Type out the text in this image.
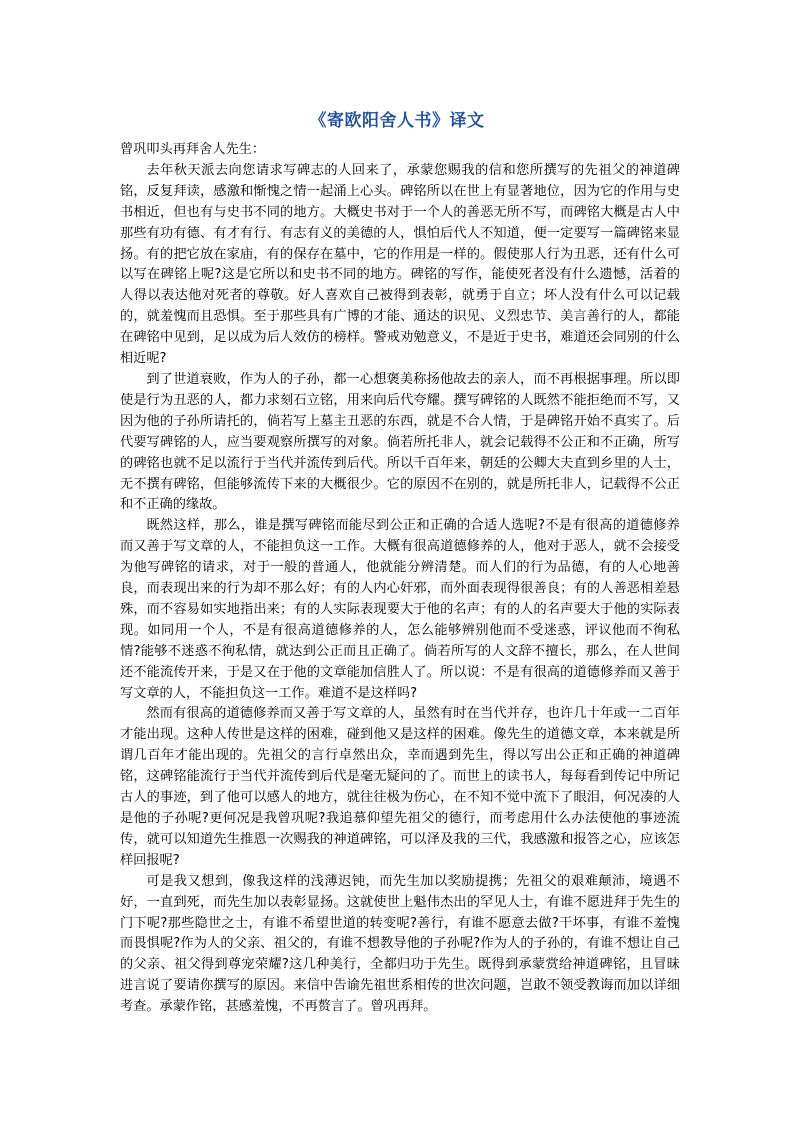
《寄欧阳舍人书》译文

曾巩叩头再拜舍人先生：

去年秋天派去向您请求写碑志的人回来了，承蒙您赐我的信和您所撰写的先祖父的神道碑铭，反复拜读，感激和惭愧之情一起涌上心头。碑铭所以在世上有显著地位，因为它的作用与史书相近，但也有与史书不同的地方。大概史书对于一个人的善恶无所不写，而碑铭大概是古人中那些有功有德、有才有行、有志有义的美德的人，惧怕后代人不知道，便一定要写一篇碑铭来显扬。有的把它放在家庙，有的保存在墓中，它的作用是一样的。假使那人行为丑恶，还有什么可以写在碑铭上呢?这是它所以和史书不同的地方。碑铭的写作，能使死者没有什么遗憾，活着的人得以表达他对死者的尊敬。好人喜欢自己被得到表彰，就勇于自立；坏人没有什么可以记载的，就羞愧而且恐惧。至于那些具有广博的才能、通达的识见、义烈忠节、美言善行的人，都能在碑铭中见到，足以成为后人效仿的榜样。警戒劝勉意义，不是近于史书，难道还会同别的什么相近呢?

到了世道衰败，作为人的子孙，都一心想褒美称扬他故去的亲人，而不再根据事理。所以即使是行为丑恶的人，都力求刻石立铭，用来向后代夸耀。撰写碑铭的人既然不能拒绝而不写，又因为他的子孙所请托的，倘若写上墓主丑恶的东西，就是不合人情，于是碑铭开始不真实了。后代要写碑铭的人，应当要观察所撰写的对象。倘若所托非人，就会记载得不公正和不正确，所写的碑铭也就不足以流行于当代并流传到后代。所以千百年来，朝廷的公卿大夫直到乡里的人士，无不撰有碑铭，但能够流传下来的大概很少。它的原因不在别的，就是所托非人，记载得不公正和不正确的缘故。

既然这样，那么，谁是撰写碑铭而能尽到公正和正确的合适人选呢?不是有很高的道德修养而又善于写文章的人，不能担负这一工作。大概有很高道德修养的人，他对于恶人，就不会接受为他写碑铭的请求，对于一般的普通人，他就能分辨清楚。而人们的行为品德，有的人心地善良，而表现出来的行为却不那么好；有的人内心奸邪，而外面表现得很善良；有的人善恶相差悬殊，而不容易如实地指出来；有的人实际表现要大于他的名声；有的人的名声要大于他的实际表现。如同用一个人，不是有很高道德修养的人，怎么能够辨别他而不受迷惑，评议他而不徇私情?能够不迷惑不徇私情，就达到公正而且正确了。倘若所写的人文辞不擅长，那么，在人世间还不能流传开来，于是又在于他的文章能加信胜人了。所以说：不是有很高的道德修养而又善于写文章的人，不能担负这一工作。难道不是这样吗?

然而有很高的道德修养而又善于写文章的人，虽然有时在当代并存，也许几十年或一二百年才能出现。这种人传世是这样的困难，碰到他又是这样的困难。像先生的道德文章，本来就是所谓几百年才能出现的。先祖父的言行卓然出众，幸而遇到先生，得以写出公正和正确的神道碑铭，这碑铭能流行于当代并流传到后代是毫无疑问的了。而世上的读书人，每每看到传记中所记古人的事迹，到了他可以感人的地方，就往往极为伤心，在不知不觉中流下了眼泪，何况凑的人是他的子孙呢?更何况是我曾巩呢?我追慕仰望先祖父的德行，而考虑用什么办法使他的事迹流传，就可以知道先生推恩一次赐我的神道碑铭，可以泽及我的三代，我感激和报答之心，应该怎样回报呢?

可是我又想到，像我这样的浅薄迟钝，而先生加以奖励提携；先祖父的艰难颠沛，境遇不好，一直到死，而先生加以表彰显扬。这就使世上魁伟杰出的罕见人士，有谁不愿进拜于先生的门下呢?那些隐世之士，有谁不希望世道的转变呢?善行，有谁不愿意去做?干坏事，有谁不羞愧而畏惧呢?作为人的父亲、祖父的，有谁不想教导他的子孙呢?作为人的子孙的，有谁不想让自己的父亲、祖父得到尊宠荣耀?这几种美行，全都归功于先生。既得到承蒙赏给神道碑铭，且冒昧进言说了要请你撰写的原因。来信中告谕先祖世系相传的世次问题，岂敢不领受教诲而加以详细考查。承蒙作铭，甚感羞愧，不再赘言了。曾巩再拜。
